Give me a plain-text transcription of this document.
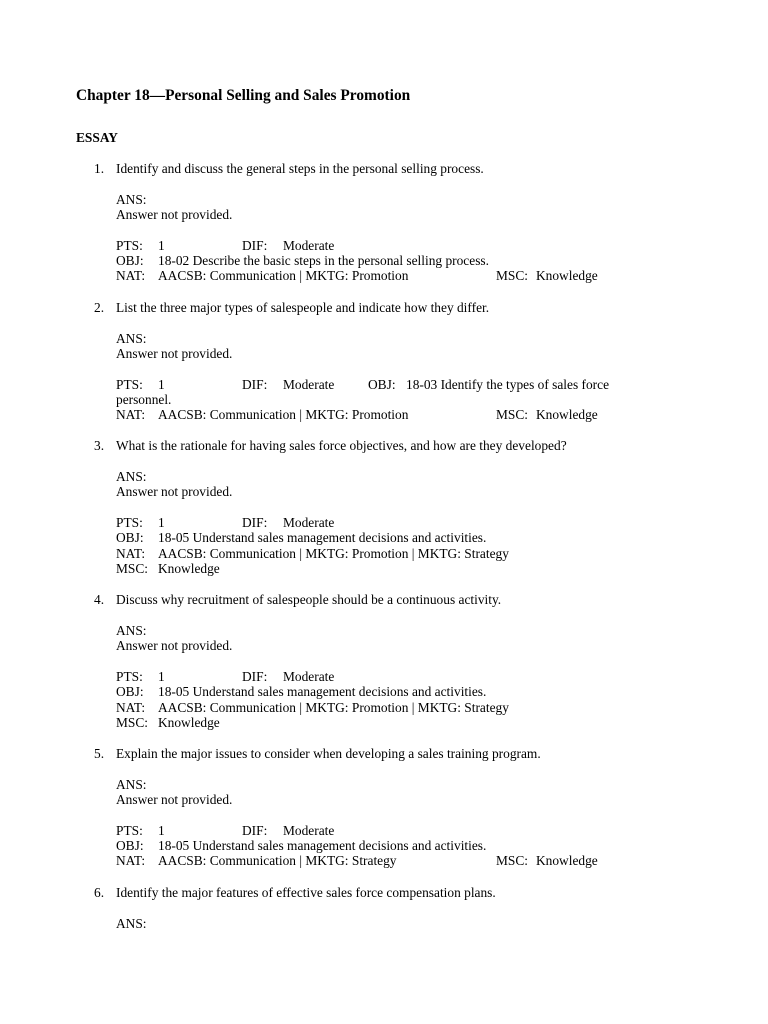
Chapter 18—Personal Selling and Sales Promotion
ESSAY
1. Identify and discuss the general steps in the personal selling process.
ANS:
Answer not provided.
PTS: 1	DIF: Moderate
OBJ: 18-02 Describe the basic steps in the personal selling process.
NAT: AACSB: Communication | MKTG: Promotion	MSC: Knowledge
2. List the three major types of salespeople and indicate how they differ.
ANS:
Answer not provided.
PTS: 1	DIF: Moderate	OBJ: 18-03 Identify the types of sales force
personnel.
NAT: AACSB: Communication | MKTG: Promotion	MSC: Knowledge
3. What is the rationale for having sales force objectives, and how are they developed?
ANS:
Answer not provided.
PTS: 1	DIF: Moderate
OBJ: 18-05 Understand sales management decisions and activities.
NAT: AACSB: Communication | MKTG: Promotion | MKTG: Strategy
MSC: Knowledge
4. Discuss why recruitment of salespeople should be a continuous activity.
ANS:
Answer not provided.
PTS: 1	DIF: Moderate
OBJ: 18-05 Understand sales management decisions and activities.
NAT: AACSB: Communication | MKTG: Promotion | MKTG: Strategy
MSC: Knowledge
5. Explain the major issues to consider when developing a sales training program.
ANS:
Answer not provided.
PTS: 1	DIF: Moderate
OBJ: 18-05 Understand sales management decisions and activities.
NAT: AACSB: Communication | MKTG: Strategy	MSC: Knowledge
6. Identify the major features of effective sales force compensation plans.
ANS:
